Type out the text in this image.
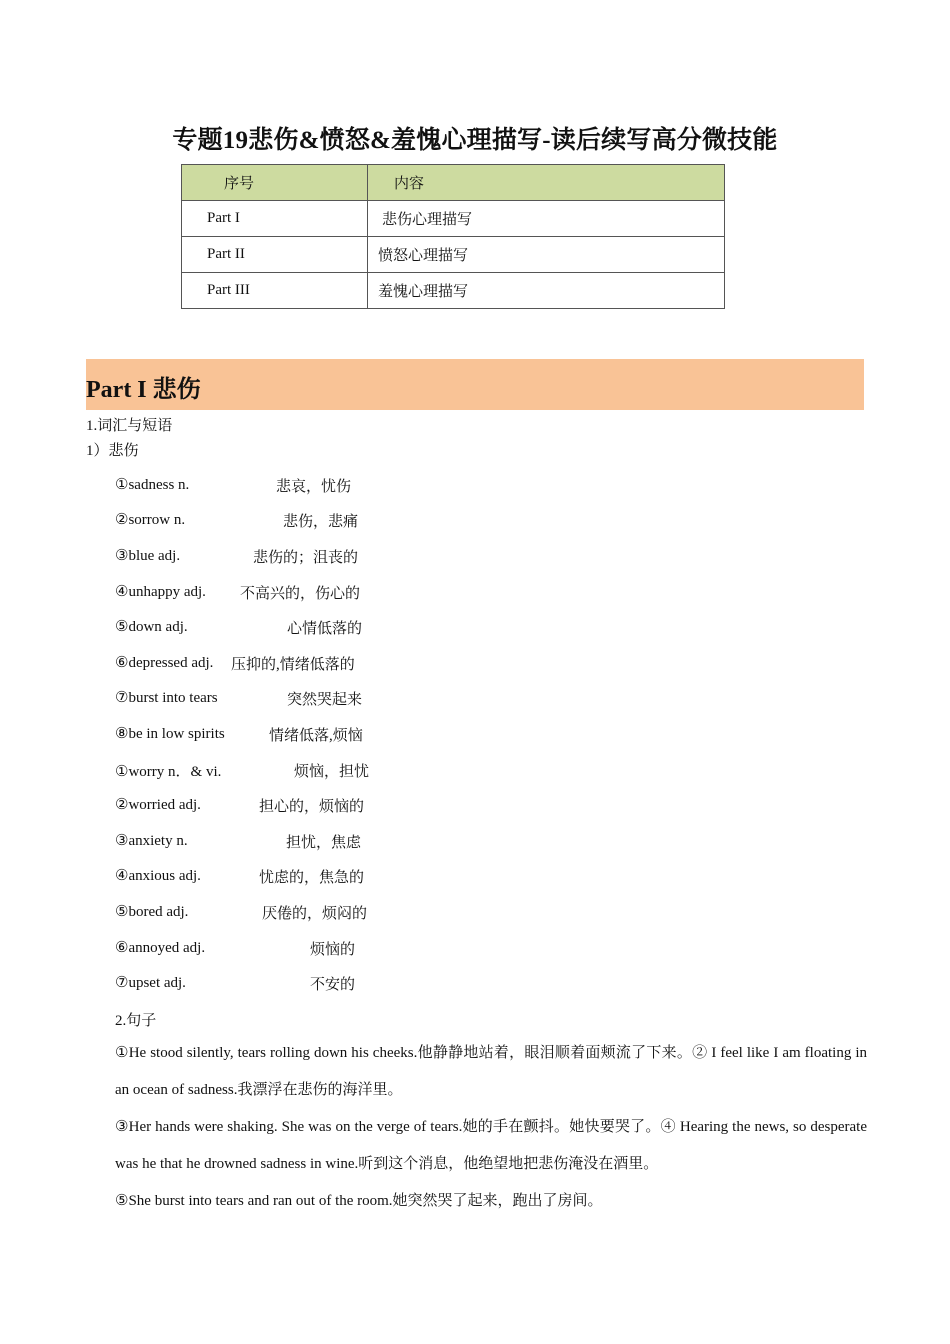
专题19悲伤&愤怒&羞愧心理描写-读后续写高分微技能
序号	内容
Part I	悲伤心理描写
Part II	愤怒心理描写
Part III	羞愧心理描写
Part I 悲伤
1.词汇与短语
1）悲伤
①sadness n.	悲哀，忧伤
②sorrow n.	悲伤，悲痛
③blue adj.	悲伤的；沮丧的
④unhappy adj. 不高兴的，伤心的
⑤down adj.	心情低落的
⑥depressed adj. 压抑的,情绪低落的
⑦burst into tears	突然哭起来
⑧be in low spirits	情绪低落,烦恼
①worry n．& vi.	烦恼，担忧
②worried adj.	担心的，烦恼的
③anxiety n.	担忧，焦虑
④anxious adj.	忧虑的，焦急的
⑤bored adj.	厌倦的，烦闷的
⑥annoyed adj.	烦恼的
⑦upset adj.	不安的
2.句子

①He stood silently, tears rolling down his cheeks.他静静地站着，眼泪顺着面颊流了下来。② I feel like I am floating in an ocean of sadness.我漂浮在悲伤的海洋里。

③Her hands were shaking. She was on the verge of tears.她的手在颤抖。她快要哭了。④ Hearing the news, so desperate was he that he drowned sadness in wine.听到这个消息，他绝望地把悲伤淹没在酒里。

⑤She burst into tears and ran out of the room.她突然哭了起来，跑出了房间。
